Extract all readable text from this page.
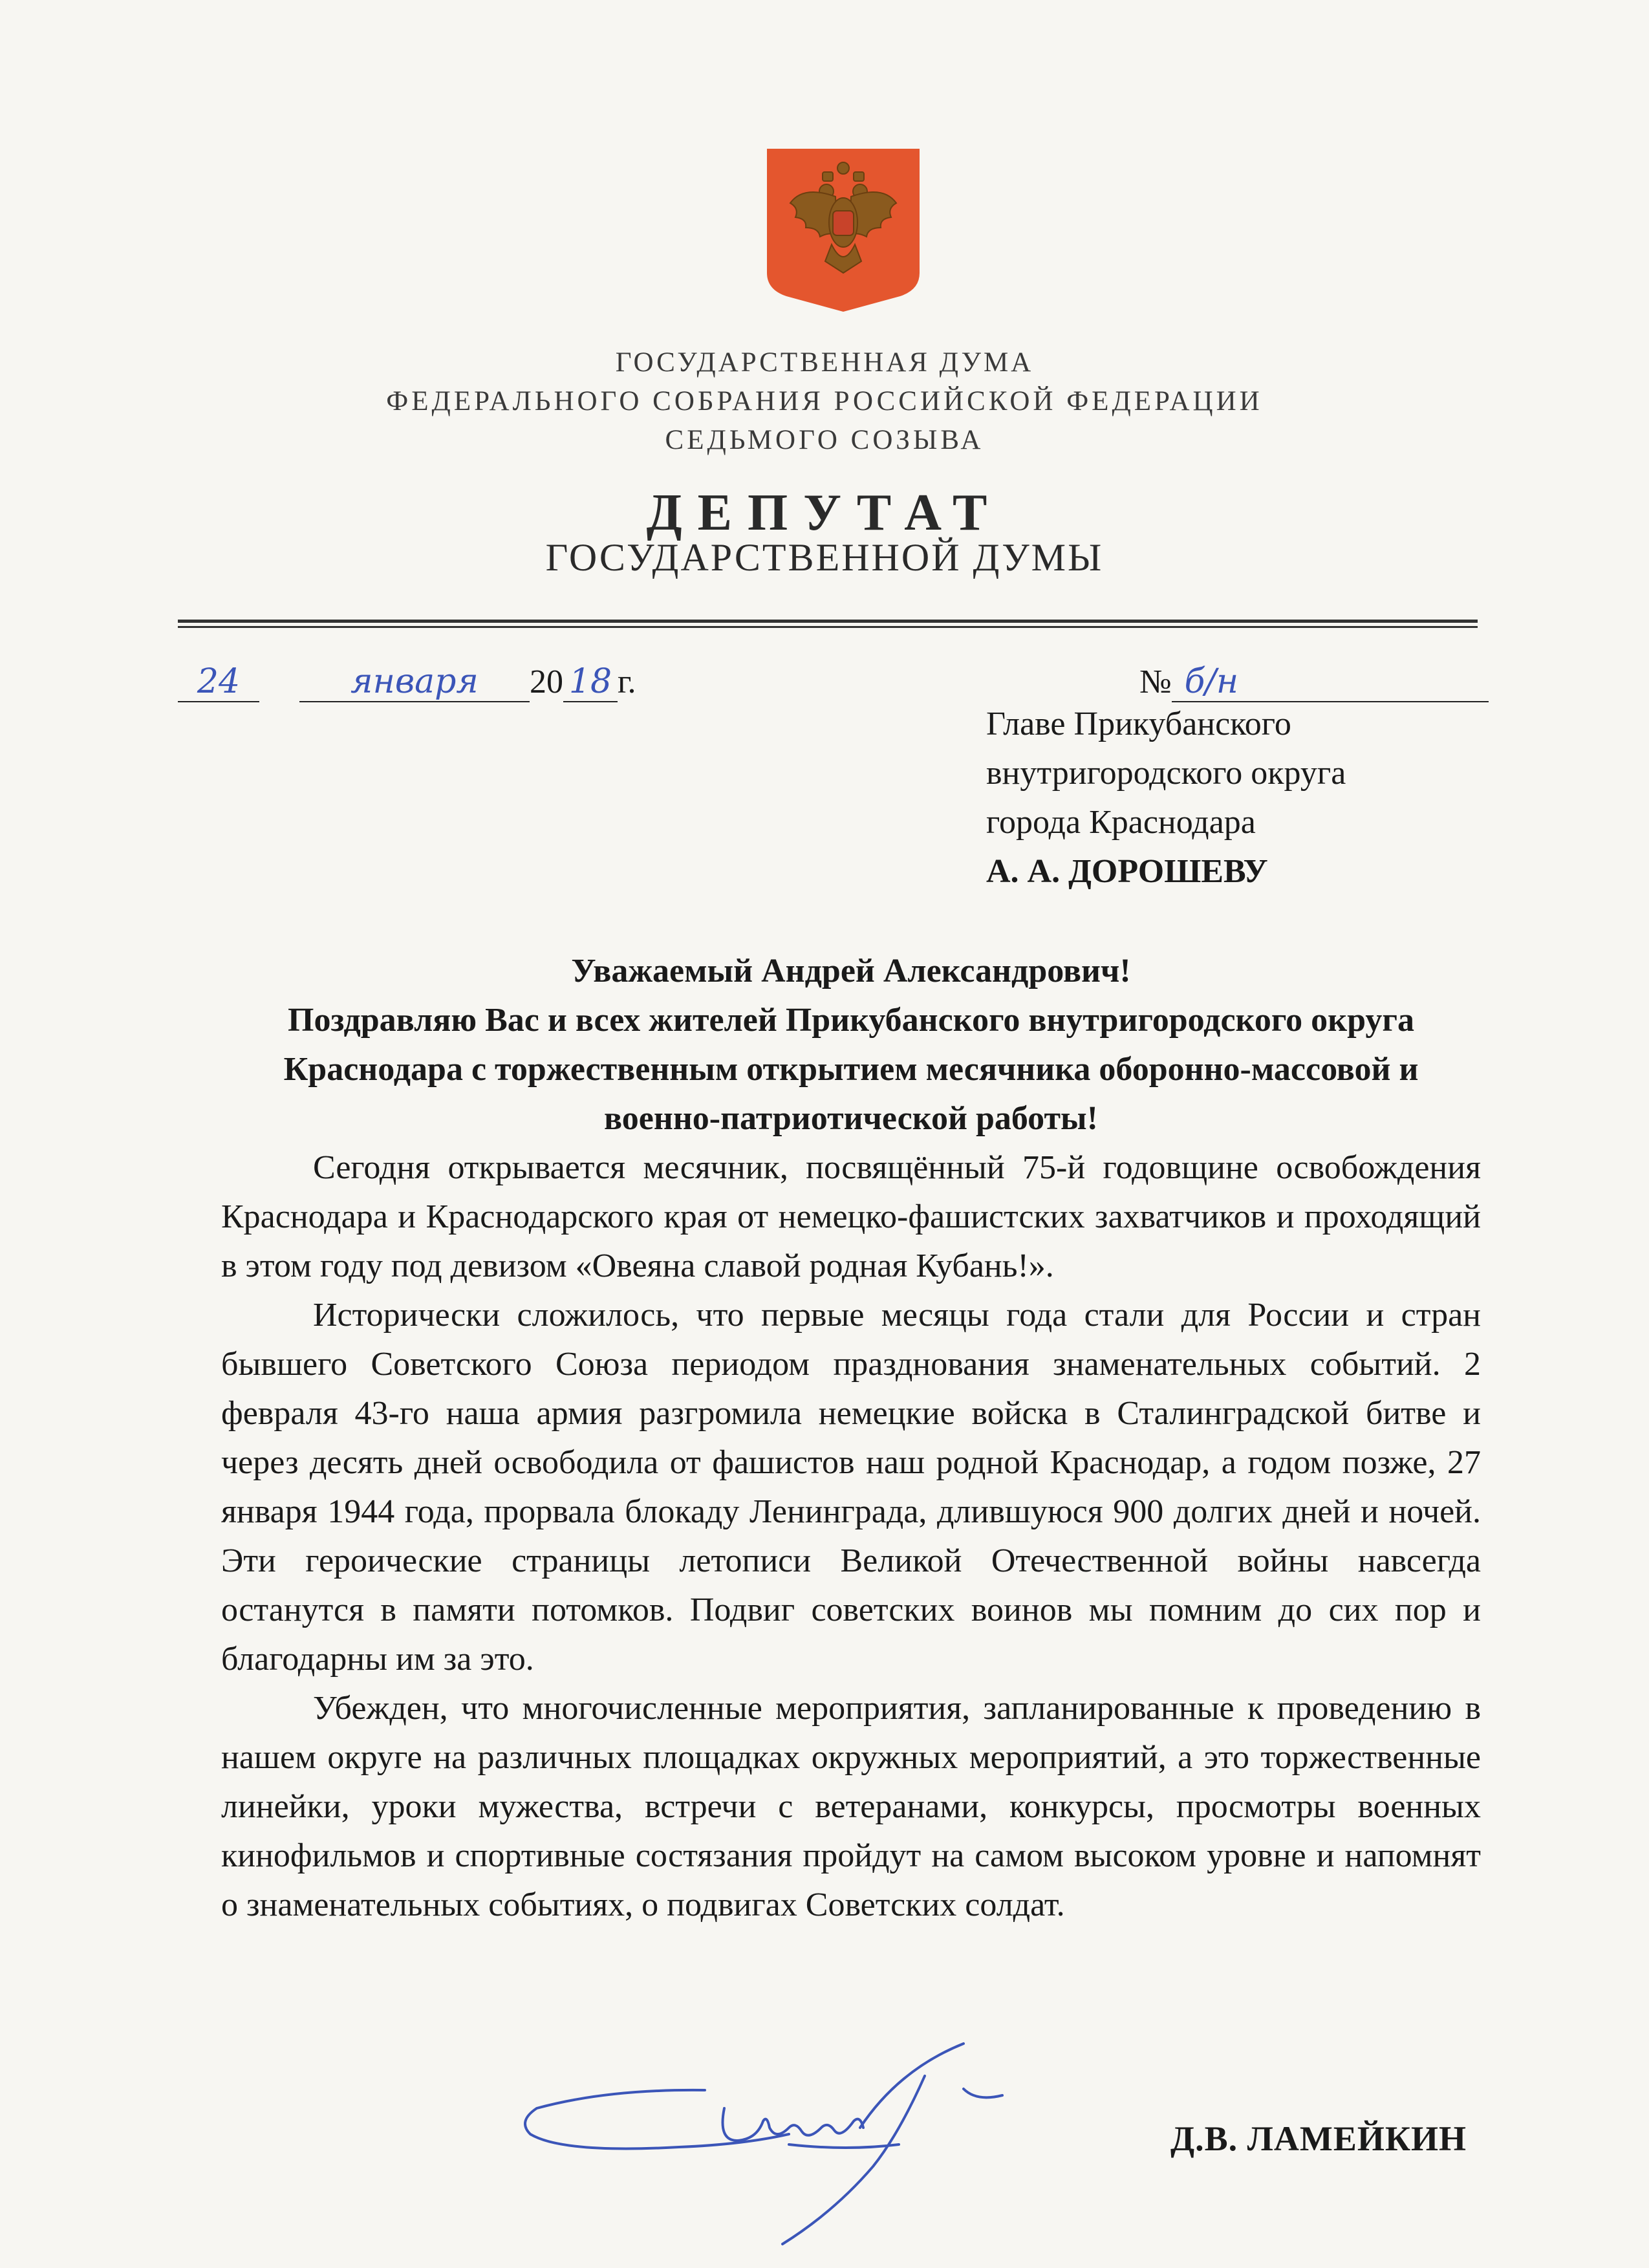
ГОСУДАРСТВЕННАЯ ДУМА
ФЕДЕРАЛЬНОГО СОБРАНИЯ РОССИЙСКОЙ ФЕДЕРАЦИИ
СЕДЬМОГО СОЗЫВА
ДЕПУТАТ
ГОСУДАРСТВЕННОЙ ДУМЫ
24	января 20 18 г.	№ б/н
Главе Прикубанского
внутригородского округа
города Краснодара
А. А. ДОРОШЕВУ

Уважаемый Андрей Александрович!

Поздравляю Вас и всех жителей Прикубанского внутригородского округа Краснодара с торжественным открытием месячника оборонно-массовой и военно-патриотической работы!

Сегодня открывается месячник, посвящённый 75-й годовщине освобождения Краснодара и Краснодарского края от немецко-фашистских захватчиков и проходящий в этом году под девизом «Овеяна славой родная Кубань!».

Исторически сложилось, что первые месяцы года стали для России и стран бывшего Советского Союза периодом празднования знаменательных событий. 2 февраля 43-го наша армия разгромила немецкие войска в Сталинградской битве и через десять дней освободила от фашистов наш родной Краснодар, а годом позже, 27 января 1944 года, прорвала блокаду Ленинграда, длившуюся 900 долгих дней и ночей. Эти героические страницы летописи Великой Отечественной войны навсегда останутся в памяти потомков. Подвиг советских воинов мы помним до сих пор и благодарны им за это.

Убежден, что многочисленные мероприятия, запланированные к проведению в нашем округе на различных площадках окружных мероприятий, а это торжественные линейки, уроки мужества, встречи с ветеранами, конкурсы, просмотры военных кинофильмов и спортивные состязания пройдут на самом высоком уровне и напомнят о знаменательных событиях, о подвигах Советских солдат.

Д.В. ЛАМЕЙКИН
